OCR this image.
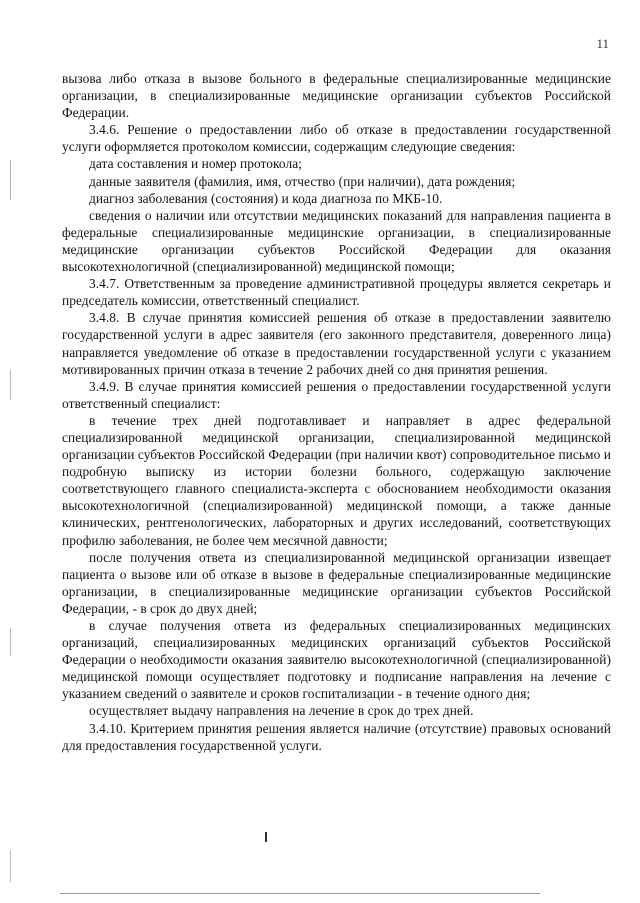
11

вызова либо отказа в вызове больного в федеральные специализированные медицинские организации, в специализированные медицинские организации субъектов Российской Федерации.

3.4.6. Решение о предоставлении либо об отказе в предоставлении государственной услуги оформляется протоколом комиссии, содержащим следующие сведения:

дата составления и номер протокола;

данные заявителя (фамилия, имя, отчество (при наличии), дата рождения;

диагноз заболевания (состояния) и кода диагноза по МКБ-10.

сведения о наличии или отсутствии медицинских показаний для направления пациента в федеральные специализированные медицинские организации, в специализированные медицинские организации субъектов Российской Федерации для оказания высокотехнологичной (специализированной) медицинской помощи;

3.4.7. Ответственным за проведение административной процедуры является секретарь и председатель комиссии, ответственный специалист.

3.4.8. В случае принятия комиссией решения об отказе в предоставлении заявителю государственной услуги в адрес заявителя (его законного представителя, доверенного лица) направляется уведомление об отказе в предоставлении государственной услуги с указанием мотивированных причин отказа в течение 2 рабочих дней со дня принятия решения.

3.4.9. В случае принятия комиссией решения о предоставлении государственной услуги ответственный специалист:

в течение трех дней подготавливает и направляет в адрес федеральной специализированной медицинской организации, специализированной медицинской организации субъектов Российской Федерации (при наличии квот) сопроводительное письмо и подробную выписку из истории болезни больного, содержащую заключение соответствующего главного специалиста-эксперта с обоснованием необходимости оказания высокотехнологичной (специализированной) медицинской помощи, а также данные клинических, рентгенологических, лабораторных и других исследований, соответствующих профилю заболевания, не более чем месячной давности;

после получения ответа из специализированной медицинской организации извещает пациента о вызове или об отказе в вызове в федеральные специализированные медицинские организации, в специализированные медицинские организации субъектов Российской Федерации, - в срок до двух дней;

в случае получения ответа из федеральных специализированных медицинских организаций, специализированных медицинских организаций субъектов Российской Федерации о необходимости оказания заявителю высокотехнологичной (специализированной) медицинской помощи осуществляет подготовку и подписание направления на лечение с указанием сведений о заявителе и сроков госпитализации - в течение одного дня;

осуществляет выдачу направления на лечение в срок до трех дней.

3.4.10. Критерием принятия решения является наличие (отсутствие) правовых оснований для предоставления государственной услуги.
